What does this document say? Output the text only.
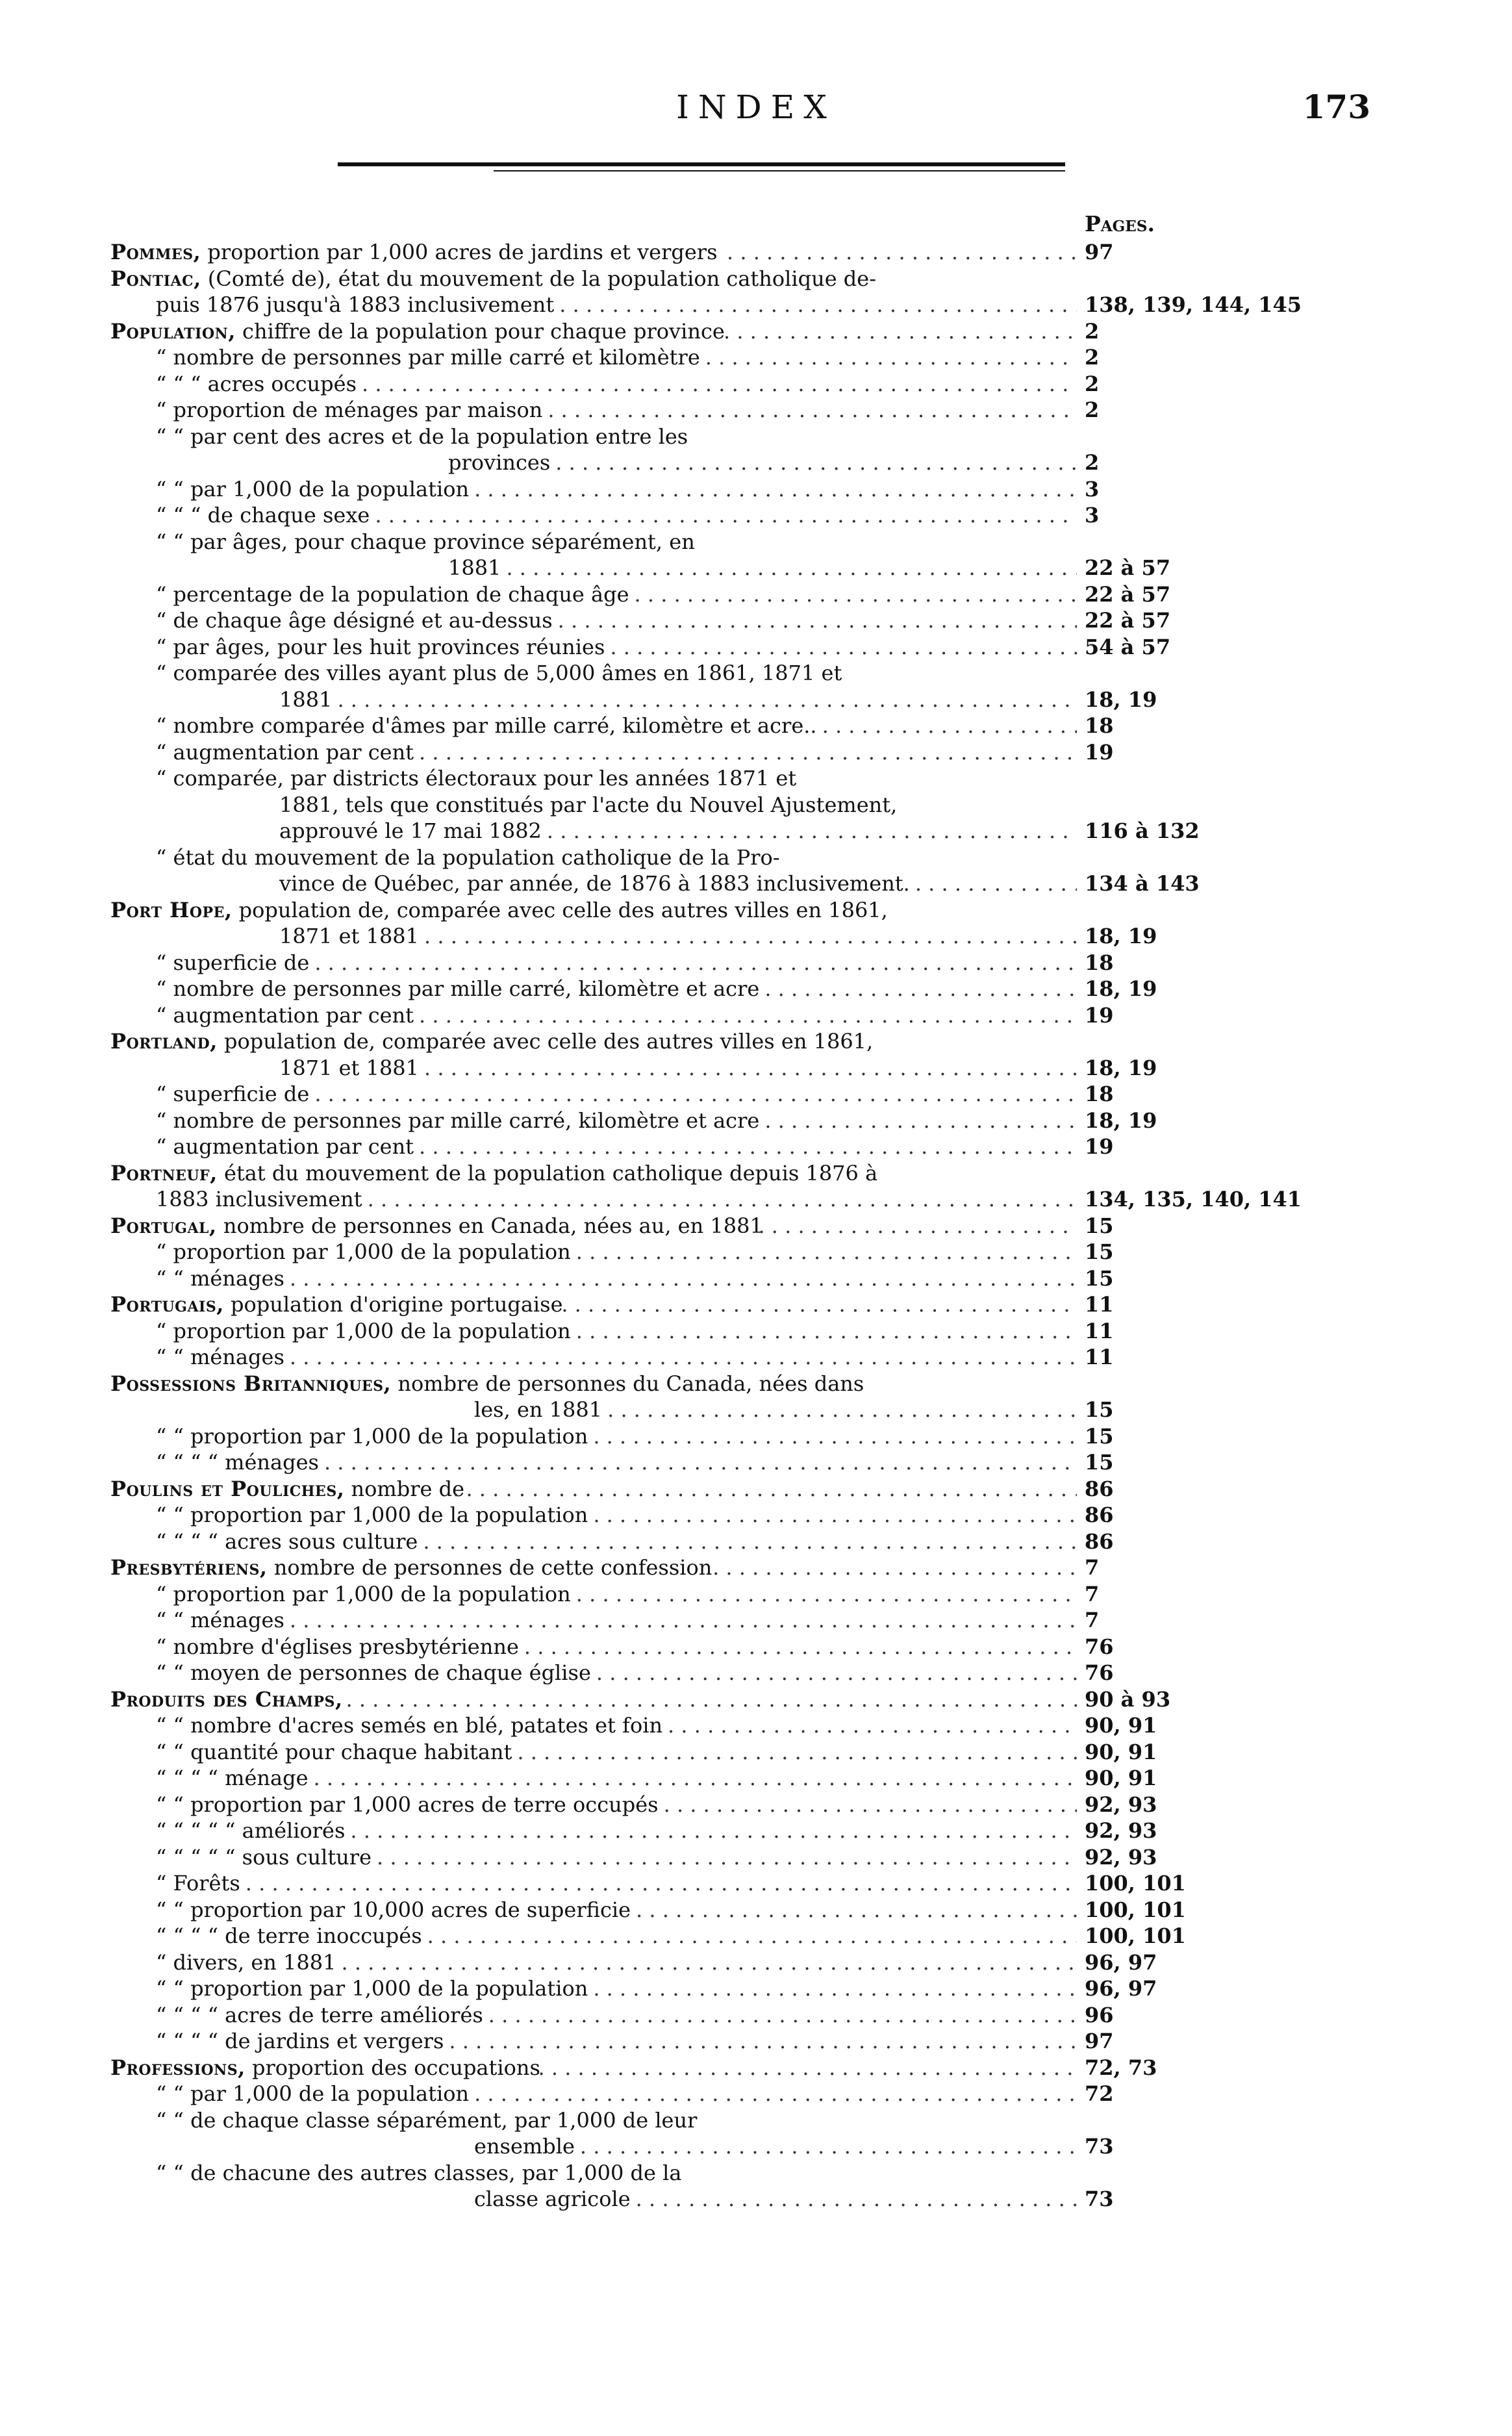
INDEX	173
Pages.
Pommes, proportion par 1,000 acres de jardins et vergers . . .	97
Pontiac, (Comté de), état du mouvement de la population catholique de-
puis 1876 jusqu'à 1883 inclusivement . . .	138, 139, 144, 145
Population, chiffre de la population pour chaque province . . .	2
“ nombre de personnes par mille carré et kilomètre . . .	2
“ “ “ acres occupés . . .	2
“ proportion de ménages par maison . . .	2
“ “ par cent des acres et de la population entre les
provinces . . .	2
“ “ par 1,000 de la population . . .	3
“ “ “ de chaque sexe . . .	3
“ “ par âges, pour chaque province séparément, en
1881 . . .	22 à 57
“ percentage de la population de chaque âge . . .	22 à 57
“ de chaque âge désigné et au-dessus . . .	22 à 57
“ par âges, pour les huit provinces réunies . . .	54 à 57
“ comparée des villes ayant plus de 5,000 âmes en 1861, 1871 et
1881 . . .	18, 19
“ nombre comparée d'âmes par mille carré, kilomètre et acre.. . . .	18
“ augmentation par cent . . .	19
“ comparée, par districts électoraux pour les années 1871 et
1881, tels que constitués par l'acte du Nouvel Ajustement,
approuvé le 17 mai 1882 . . .	116 à 132
“ état du mouvement de la population catholique de la Pro-
vince de Québec, par année, de 1876 à 1883 inclusivement. . . .	134 à 143
Port Hope, population de, comparée avec celle des autres villes en 1861,
1871 et 1881 . . .	18, 19
“ superficie de . . .	18
“ nombre de personnes par mille carré, kilomètre et acre . . .	18, 19
“ augmentation par cent . . .	19
Portland, population de, comparée avec celle des autres villes en 1861,
1871 et 1881 . . .	18, 19
“ superficie de . . .	18
“ nombre de personnes par mille carré, kilomètre et acre . . .	18, 19
“ augmentation par cent . . .	19
Portneuf, état du mouvement de la population catholique depuis 1876 à
1883 inclusivement . . .	134, 135, 140, 141
Portugal, nombre de personnes en Canada, nées au, en 1881 . . .	15
“ proportion par 1,000 de la population . . .	15
“ “ ménages . . .	15
Portugais, population d'origine portugaise . . .	11
“ proportion par 1,000 de la population . . .	11
“ “ ménages . . .	11
Possessions Britanniques, nombre de personnes du Canada, nées dans
les, en 1881 . . .	15
“ “ proportion par 1,000 de la population . . .	15
“ “ “ “ ménages . . .	15
Poulins et Pouliches, nombre de . . .	86
“ “ proportion par 1,000 de la population . . .	86
“ “ “ “ acres sous culture . . .	86
Presbytériens, nombre de personnes de cette confession . . .	7
“ proportion par 1,000 de la population . . .	7
“ “ ménages . . .	7
“ nombre d'églises presbytérienne . . .	76
“ “ moyen de personnes de chaque église . . .	76
Produits des Champs, . . .	90 à 93
“ “ nombre d'acres semés en blé, patates et foin . . .	90, 91
“ “ quantité pour chaque habitant . . .	90, 91
“ “ “ “ ménage . . .	90, 91
“ “ proportion par 1,000 acres de terre occupés . . .	92, 93
“ “ “ “ “ améliorés . . .	92, 93
“ “ “ “ “ sous culture . . .	92, 93
“ Forêts . . .	100, 101
“ “ proportion par 10,000 acres de superficie . . .	100, 101
“ “ “ “ de terre inoccupés . . .	100, 101
“ divers, en 1881 . . .	96, 97
“ “ proportion par 1,000 de la population . . .	96, 97
“ “ “ “ acres de terre améliorés . . .	96
“ “ “ “ de jardins et vergers . . .	97
Professions, proportion des occupations . . .	72, 73
“ “ par 1,000 de la population . . .	72
“ “ de chaque classe séparément, par 1,000 de leur
ensemble . . .	73
“ “ de chacune des autres classes, par 1,000 de la
classe agricole . . .	73
